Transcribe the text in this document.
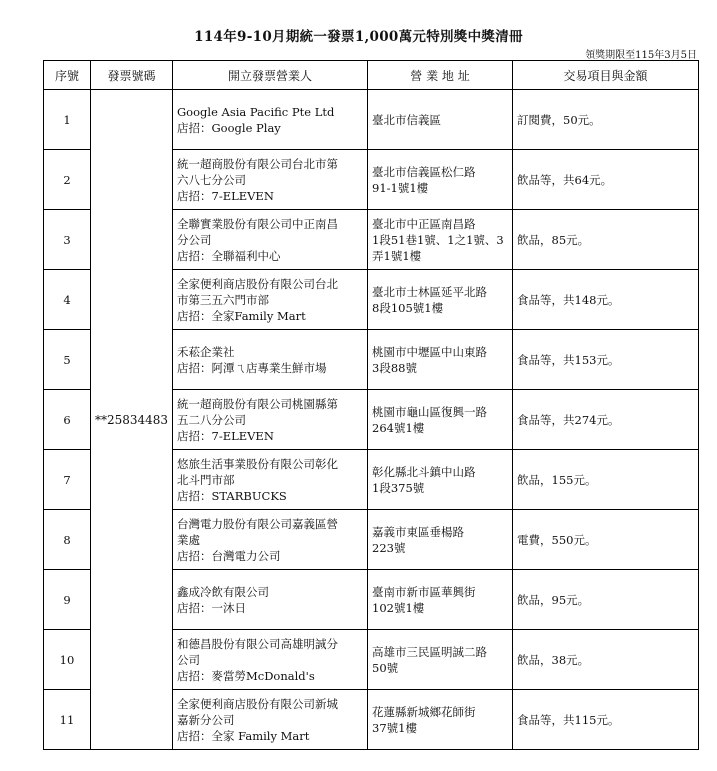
114年9-10月期統一發票1,000萬元特別獎中獎清冊
領獎期限至115年3月5日
序號	發票號碼	開立發票營業人	營 業 地 址	交易項目與金額
1	**25834483	Google Asia Pacific Pte Ltd
店招：Google Play	臺北市信義區	訂閱費，50元。
2		統一超商股份有限公司台北市第
六八七分公司
店招：7-ELEVEN	臺北市信義區松仁路
91-1號1樓	飲品等，共64元。
3		全聯實業股份有限公司中正南昌
分公司
店招：全聯福利中心	臺北市中正區南昌路
1段51巷1號、1之1號、3
弄1號1樓	飲品，85元。
4		全家便利商店股份有限公司台北
市第三五六門市部
店招：全家Family Mart	臺北市士林區延平北路
8段105號1樓	食品等，共148元。
5		禾菘企業社
店招：阿潭ㄟ店專業生鮮市場	桃園市中壢區中山東路
3段88號	食品等，共153元。
6		統一超商股份有限公司桃園縣第
五二八分公司
店招：7-ELEVEN	桃園市龜山區復興一路
264號1樓	食品等，共274元。
7		悠旅生活事業股份有限公司彰化
北斗門市部
店招：STARBUCKS	彰化縣北斗鎮中山路
1段375號	飲品，155元。
8		台灣電力股份有限公司嘉義區營
業處
店招：台灣電力公司	嘉義市東區垂楊路
223號	電費，550元。
9		鑫成冷飲有限公司
店招：一沐日	臺南市新市區華興街
102號1樓	飲品，95元。
10		和德昌股份有限公司高雄明誠分
公司
店招：麥當勞McDonald's	高雄市三民區明誠二路
50號	飲品，38元。
11		全家便利商店股份有限公司新城
嘉新分公司
店招：全家 Family Mart	花蓮縣新城鄉花師街
37號1樓	食品等，共115元。
